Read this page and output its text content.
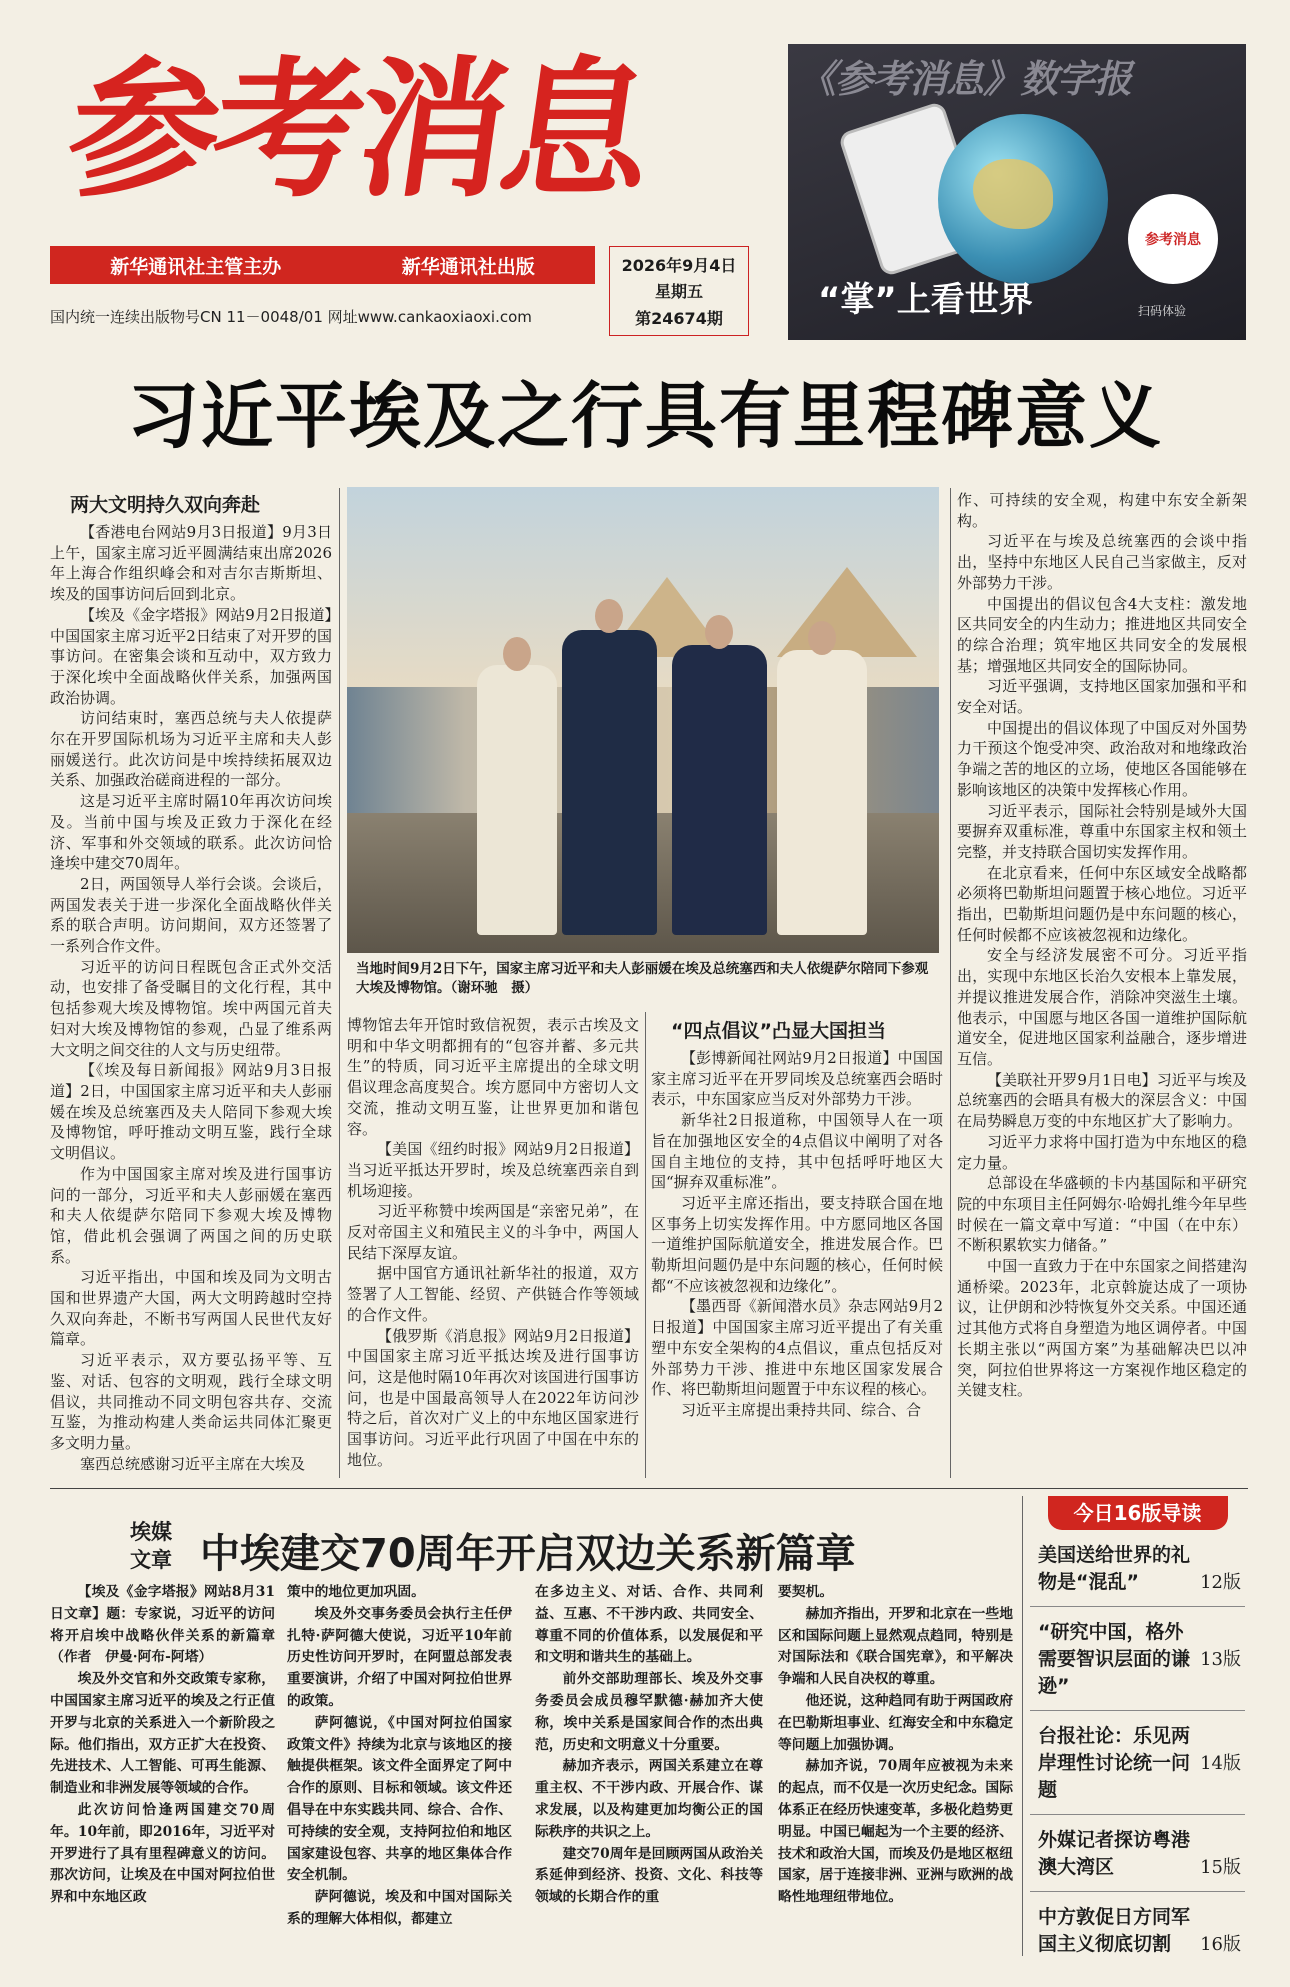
参考消息
新华通讯社主管主办	新华通讯社出版
国内统一连续出版物号CN 11－0048/01 网址www.cankaoxiaoxi.com
2026年9月4日
星期五
第24674期
《参考消息》数字报
参考消息
“掌”上看世界	扫码体验
习近平埃及之行具有里程碑意义
两大文明持久双向奔赴

【香港电台网站9月3日报道】9月3日上午，国家主席习近平圆满结束出席2026年上海合作组织峰会和对吉尔吉斯斯坦、埃及的国事访问后回到北京。

【埃及《金字塔报》网站9月2日报道】中国国家主席习近平2日结束了对开罗的国事访问。在密集会谈和互动中，双方致力于深化埃中全面战略伙伴关系，加强两国政治协调。

访问结束时，塞西总统与夫人依提萨尔在开罗国际机场为习近平主席和夫人彭丽媛送行。此次访问是中埃持续拓展双边关系、加强政治磋商进程的一部分。

这是习近平主席时隔10年再次访问埃及。当前中国与埃及正致力于深化在经济、军事和外交领域的联系。此次访问恰逢埃中建交70周年。

2日，两国领导人举行会谈。会谈后，两国发表关于进一步深化全面战略伙伴关系的联合声明。访问期间，双方还签署了一系列合作文件。

习近平的访问日程既包含正式外交活动，也安排了备受瞩目的文化行程，其中包括参观大埃及博物馆。埃中两国元首夫妇对大埃及博物馆的参观，凸显了维系两大文明之间交往的人文与历史纽带。

【《埃及每日新闻报》网站9月3日报道】2日，中国国家主席习近平和夫人彭丽媛在埃及总统塞西及夫人陪同下参观大埃及博物馆，呼吁推动文明互鉴，践行全球文明倡议。

作为中国国家主席对埃及进行国事访问的一部分，习近平和夫人彭丽媛在塞西和夫人依缇萨尔陪同下参观大埃及博物馆，借此机会强调了两国之间的历史联系。

习近平指出，中国和埃及同为文明古国和世界遗产大国，两大文明跨越时空持久双向奔赴，不断书写两国人民世代友好篇章。

习近平表示，双方要弘扬平等、互鉴、对话、包容的文明观，践行全球文明倡议，共同推动不同文明包容共存、交流互鉴，为推动构建人类命运共同体汇聚更多文明力量。

塞西总统感谢习近平主席在大埃及

当地时间9月2日下午，国家主席习近平和夫人彭丽媛在埃及总统塞西和夫人依缇萨尔陪同下参观大埃及博物馆。（谢环驰　摄）

博物馆去年开馆时致信祝贺，表示古埃及文明和中华文明都拥有的“包容并蓄、多元共生”的特质，同习近平主席提出的全球文明倡议理念高度契合。埃方愿同中方密切人文交流，推动文明互鉴，让世界更加和谐包容。

【美国《纽约时报》网站9月2日报道】当习近平抵达开罗时，埃及总统塞西亲自到机场迎接。

习近平称赞中埃两国是“亲密兄弟”，在反对帝国主义和殖民主义的斗争中，两国人民结下深厚友谊。

据中国官方通讯社新华社的报道，双方签署了人工智能、经贸、产供链合作等领域的合作文件。

【俄罗斯《消息报》网站9月2日报道】中国国家主席习近平抵达埃及进行国事访问，这是他时隔10年再次对该国进行国事访问，也是中国最高领导人在2022年访问沙特之后，首次对广义上的中东地区国家进行国事访问。习近平此行巩固了中国在中东的地位。

“四点倡议”凸显大国担当

【彭博新闻社网站9月2日报道】中国国家主席习近平在开罗同埃及总统塞西会晤时表示，中东国家应当反对外部势力干涉。

新华社2日报道称，中国领导人在一项旨在加强地区安全的4点倡议中阐明了对各国自主地位的支持，其中包括呼吁地区大国“摒弃双重标准”。

习近平主席还指出，要支持联合国在地区事务上切实发挥作用。中方愿同地区各国一道维护国际航道安全，推进发展合作。巴勒斯坦问题仍是中东问题的核心，任何时候都“不应该被忽视和边缘化”。

【墨西哥《新闻潜水员》杂志网站9月2日报道】中国国家主席习近平提出了有关重塑中东安全架构的4点倡议，重点包括反对外部势力干涉、推进中东地区国家发展合作、将巴勒斯坦问题置于中东议程的核心。

习近平主席提出秉持共同、综合、合

作、可持续的安全观，构建中东安全新架构。

习近平在与埃及总统塞西的会谈中指出，坚持中东地区人民自己当家做主，反对外部势力干涉。

中国提出的倡议包含4大支柱：激发地区共同安全的内生动力；推进地区共同安全的综合治理；筑牢地区共同安全的发展根基；增强地区共同安全的国际协同。

习近平强调，支持地区国家加强和平和安全对话。

中国提出的倡议体现了中国反对外国势力干预这个饱受冲突、政治敌对和地缘政治争端之苦的地区的立场，使地区各国能够在影响该地区的决策中发挥核心作用。

习近平表示，国际社会特别是域外大国要摒弃双重标准，尊重中东国家主权和领土完整，并支持联合国切实发挥作用。

在北京看来，任何中东区域安全战略都必须将巴勒斯坦问题置于核心地位。习近平指出，巴勒斯坦问题仍是中东问题的核心，任何时候都不应该被忽视和边缘化。

安全与经济发展密不可分。习近平指出，实现中东地区长治久安根本上靠发展，并提议推进发展合作，消除冲突滋生土壤。他表示，中国愿与地区各国一道维护国际航道安全，促进地区国家利益融合，逐步增进互信。

【美联社开罗9月1日电】习近平与埃及总统塞西的会晤具有极大的深层含义：中国在局势瞬息万变的中东地区扩大了影响力。

习近平力求将中国打造为中东地区的稳定力量。

总部设在华盛顿的卡内基国际和平研究院的中东项目主任阿姆尔·哈姆扎维今年早些时候在一篇文章中写道：“中国（在中东）不断积累软实力储备。”

中国一直致力于在中东国家之间搭建沟通桥梁。2023年，北京斡旋达成了一项协议，让伊朗和沙特恢复外交关系。中国还通过其他方式将自身塑造为地区调停者。中国长期主张以“两国方案”为基础解决巴以冲突，阿拉伯世界将这一方案视作地区稳定的关键支柱。

埃媒文章 中埃建交70周年开启双边关系新篇章

【埃及《金字塔报》网站8月31日文章】题：专家说，习近平的访问将开启埃中战略伙伴关系的新篇章（作者　伊曼·阿布-阿塔）

埃及外交官和外交政策专家称，中国国家主席习近平的埃及之行正值开罗与北京的关系进入一个新阶段之际。他们指出，双方正扩大在投资、先进技术、人工智能、可再生能源、制造业和非洲发展等领域的合作。

此次访问恰逢两国建交70周年。10年前，即2016年，习近平对开罗进行了具有里程碑意义的访问。那次访问，让埃及在中国对阿拉伯世界和中东地区政

策中的地位更加巩固。

埃及外交事务委员会执行主任伊扎特·萨阿德大使说，习近平10年前历史性访问开罗时，在阿盟总部发表重要演讲，介绍了中国对阿拉伯世界的政策。

萨阿德说，《中国对阿拉伯国家政策文件》持续为北京与该地区的接触提供框架。该文件全面界定了阿中合作的原则、目标和领域。该文件还倡导在中东实践共同、综合、合作、可持续的安全观，支持阿拉伯和地区国家建设包容、共享的地区集体合作安全机制。

萨阿德说，埃及和中国对国际关系的理解大体相似，都建立

在多边主义、对话、合作、共同利益、互惠、不干涉内政、共同安全、尊重不同的价值体系，以发展促和平和文明和谐共生的基础上。

前外交部助理部长、埃及外交事务委员会成员穆罕默德·赫加齐大使称，埃中关系是国家间合作的杰出典范，历史和文明意义十分重要。

赫加齐表示，两国关系建立在尊重主权、不干涉内政、开展合作、谋求发展，以及构建更加均衡公正的国际秩序的共识之上。

建交70周年是回顾两国从政治关系延伸到经济、投资、文化、科技等领域的长期合作的重

要契机。

赫加齐指出，开罗和北京在一些地区和国际问题上显然观点趋同，特别是对国际法和《联合国宪章》，和平解决争端和人民自决权的尊重。

他还说，这种趋同有助于两国政府在巴勒斯坦事业、红海安全和中东稳定等问题上加强协调。

赫加齐说，70周年应被视为未来的起点，而不仅是一次历史纪念。国际体系正在经历快速变革，多极化趋势更明显。中国已崛起为一个主要的经济、技术和政治大国，而埃及仍是地区枢纽国家，居于连接非洲、亚洲与欧洲的战略性地理纽带地位。

今日16版导读
12版
美国送给世界的礼物是“混乱”
13版
“研究中国，格外需要智识层面的谦逊”
14版
台报社论：乐见两岸理性讨论统一问题
15版
外媒记者探访粤港澳大湾区
16版
中方敦促日方同军国主义彻底切割
